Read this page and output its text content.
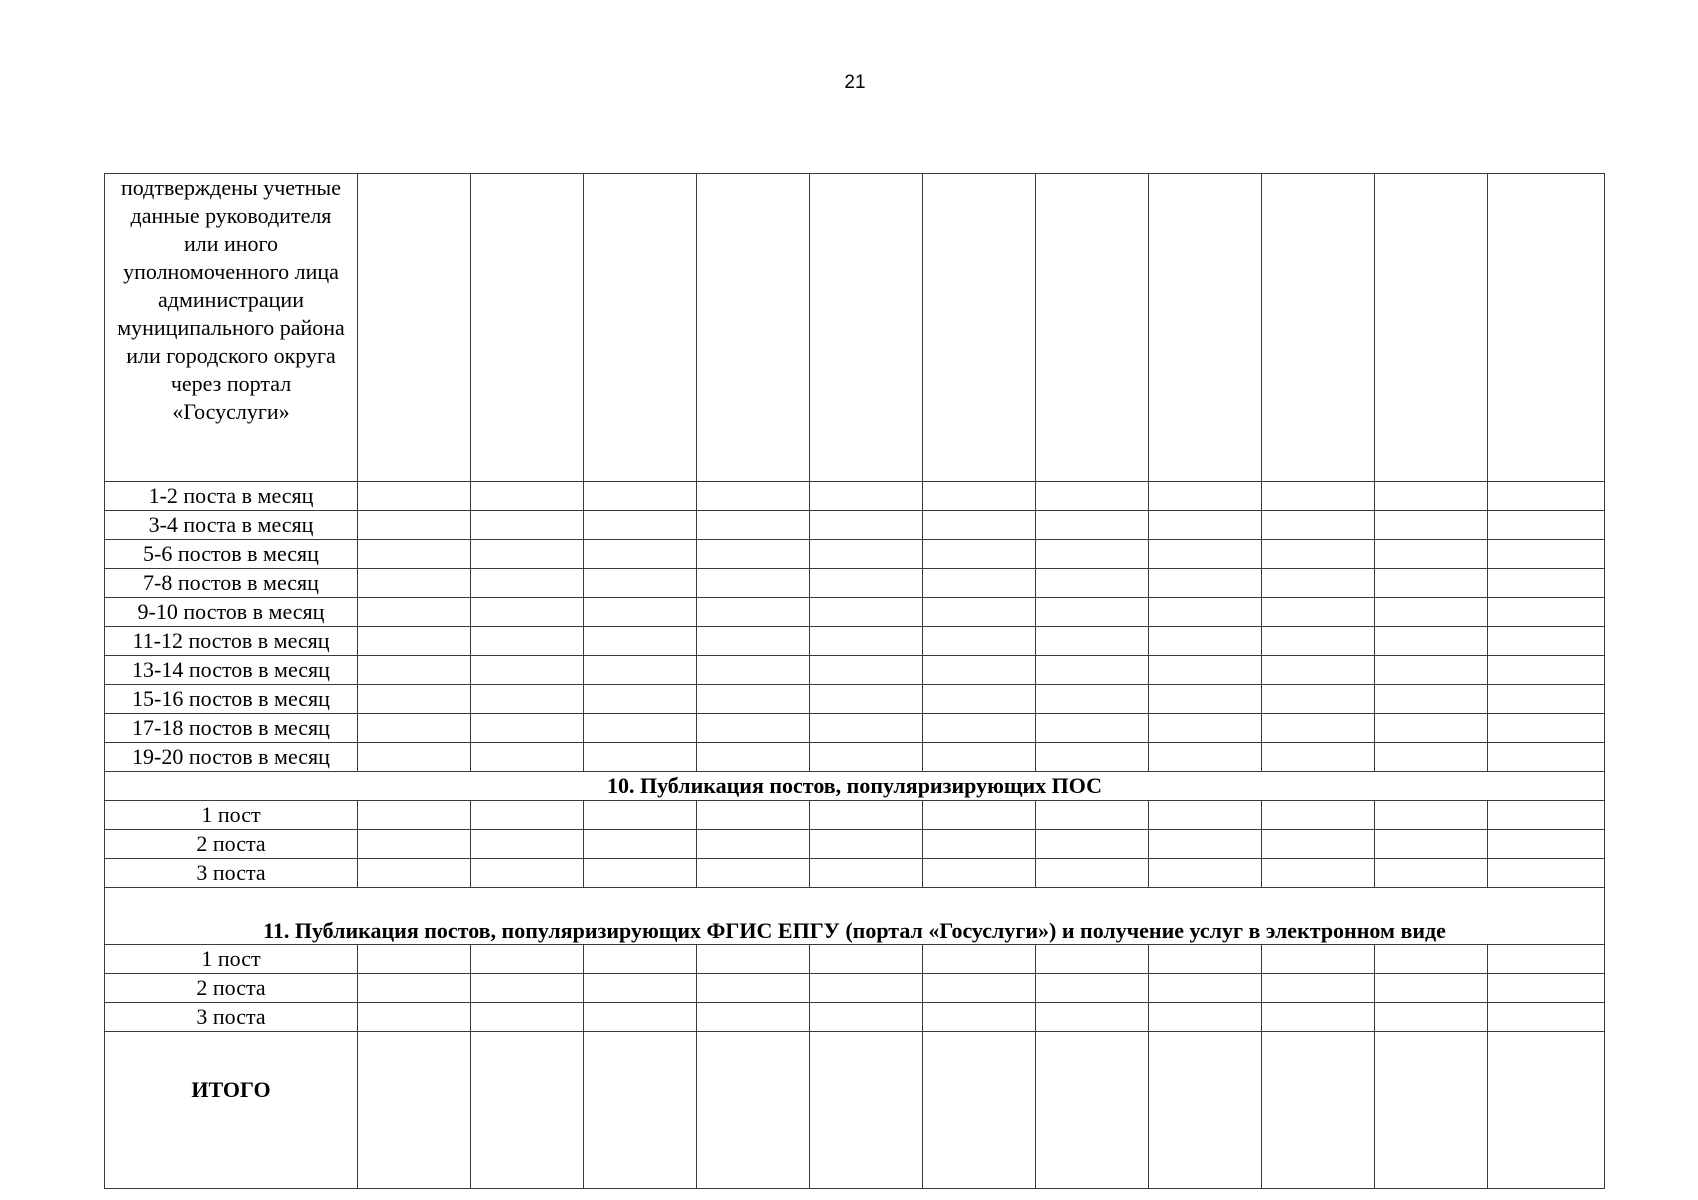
21
подтверждены учетные данные руководителя или иного уполномоченного лица администрации муниципального района или городского округа через портал «Госуслуги»											
1-2 поста в месяц											
3-4 поста в месяц											
5-6 постов в месяц											
7-8 постов в месяц											
9-10 постов в месяц											
11-12 постов в месяц											
13-14 постов в месяц											
15-16 постов в месяц											
17-18 постов в месяц											
19-20 постов в месяц											
10. Публикация постов, популяризирующих ПОС											
1 пост											
2 поста											
3 поста											
11. Публикация постов, популяризирующих ФГИС ЕПГУ (портал «Госуслуги») и получение услуг в электронном виде											
1 пост											
2 поста											
3 поста											
ИТОГО											
